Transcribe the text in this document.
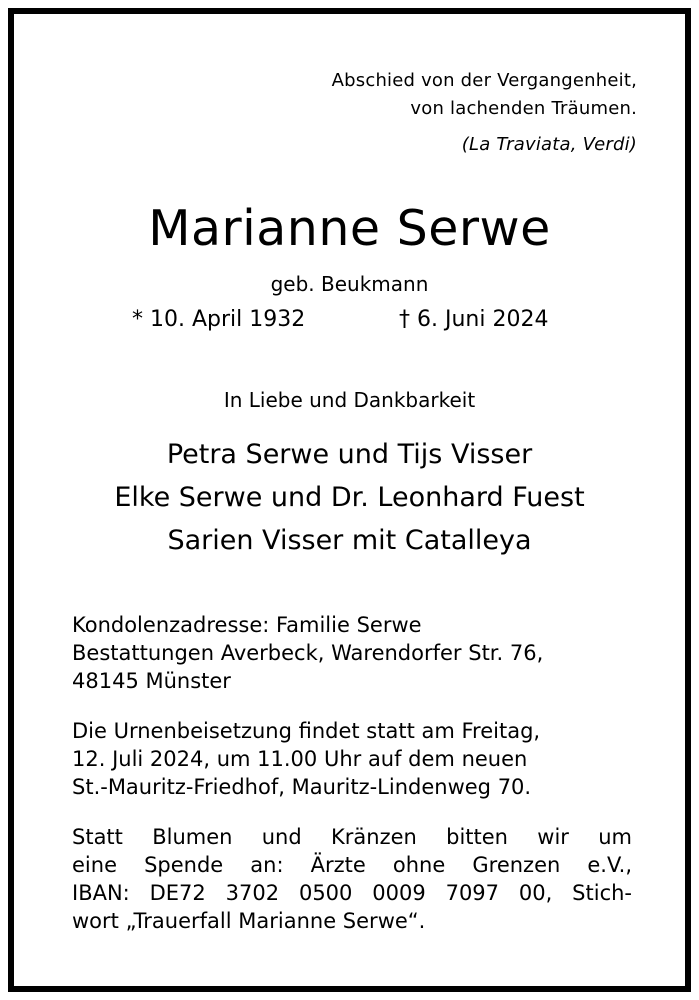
Abschied von der Vergangenheit,
von lachenden Träumen.
(La Traviata, Verdi)
Marianne Serwe
geb. Beukmann
* 10. April 1932	† 6. Juni 2024
In Liebe und Dankbarkeit
Petra Serwe und Tijs Visser
Elke Serwe und Dr. Leonhard Fuest
Sarien Visser mit Catalleya
Kondolenzadresse: Familie Serwe
Bestattungen Averbeck, Warendorfer Str. 76,
48145 Münster
Die Urnenbeisetzung findet statt am Freitag,
12. Juli 2024, um 11.00 Uhr auf dem neuen
St.-Mauritz-Friedhof, Mauritz-Lindenweg 70.
Statt Blumen und Kränzen bitten wir um
eine Spende an: Ärzte ohne Grenzen e.V.,
IBAN: DE72 3702 0500 0009 7097 00, Stich-
wort „Trauerfall Marianne Serwe“.
